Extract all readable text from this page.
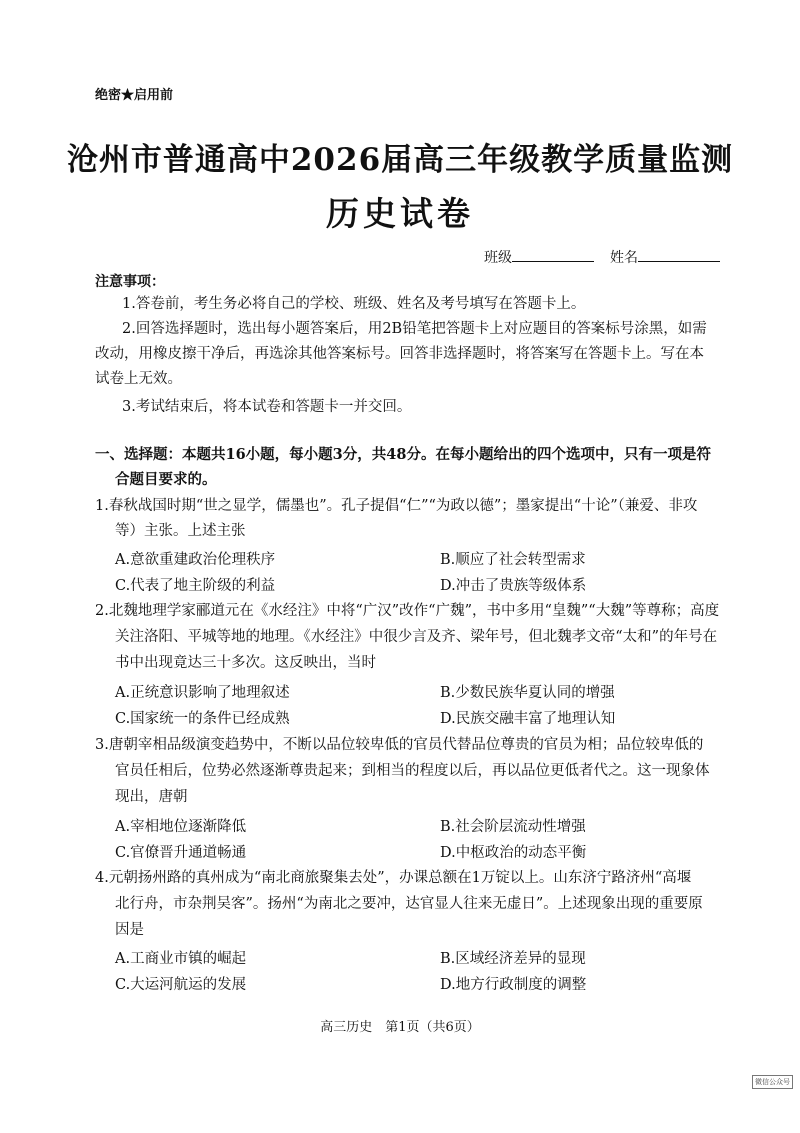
绝密★启用前
沧州市普通高中2026届高三年级教学质量监测
历史试卷
班级	姓名
注意事项：
1.答卷前，考生务必将自己的学校、班级、姓名及考号填写在答题卡上。
2.回答选择题时，选出每小题答案后，用2B铅笔把答题卡上对应题目的答案标号涂黑，如需
改动，用橡皮擦干净后，再选涂其他答案标号。回答非选择题时，将答案写在答题卡上。写在本
试卷上无效。
3.考试结束后，将本试卷和答题卡一并交回。
一、选择题：本题共16小题，每小题3分，共48分。在每小题给出的四个选项中，只有一项是符
合题目要求的。
1.春秋战国时期“世之显学，儒墨也”。孔子提倡“仁”“为政以德”；墨家提出“十论”（兼爱、非攻
等）主张。上述主张
A.意欲重建政治伦理秩序	B.顺应了社会转型需求
C.代表了地主阶级的利益	D.冲击了贵族等级体系
2.北魏地理学家郦道元在《水经注》中将“广汉”改作“广魏”，书中多用“皇魏”“大魏”等尊称；高度
关注洛阳、平城等地的地理。《水经注》中很少言及齐、梁年号，但北魏孝文帝“太和”的年号在
书中出现竟达三十多次。这反映出，当时
A.正统意识影响了地理叙述	B.少数民族华夏认同的增强
C.国家统一的条件已经成熟	D.民族交融丰富了地理认知
3.唐朝宰相品级演变趋势中，不断以品位较卑低的官员代替品位尊贵的官员为相；品位较卑低的
官员任相后，位势必然逐渐尊贵起来；到相当的程度以后，再以品位更低者代之。这一现象体
现出，唐朝
A.宰相地位逐渐降低	B.社会阶层流动性增强
C.官僚晋升通道畅通	D.中枢政治的动态平衡
4.元朝扬州路的真州成为“南北商旅聚集去处”，办课总额在1万锭以上。山东济宁路济州“高堰
北行舟，市杂荆吴客”。扬州“为南北之要冲，达官显人往来无虚日”。上述现象出现的重要原
因是
A.工商业市镇的崛起	B.区域经济差异的显现
C.大运河航运的发展	D.地方行政制度的调整
高三历史　第1页（共6页）
微信公众号
